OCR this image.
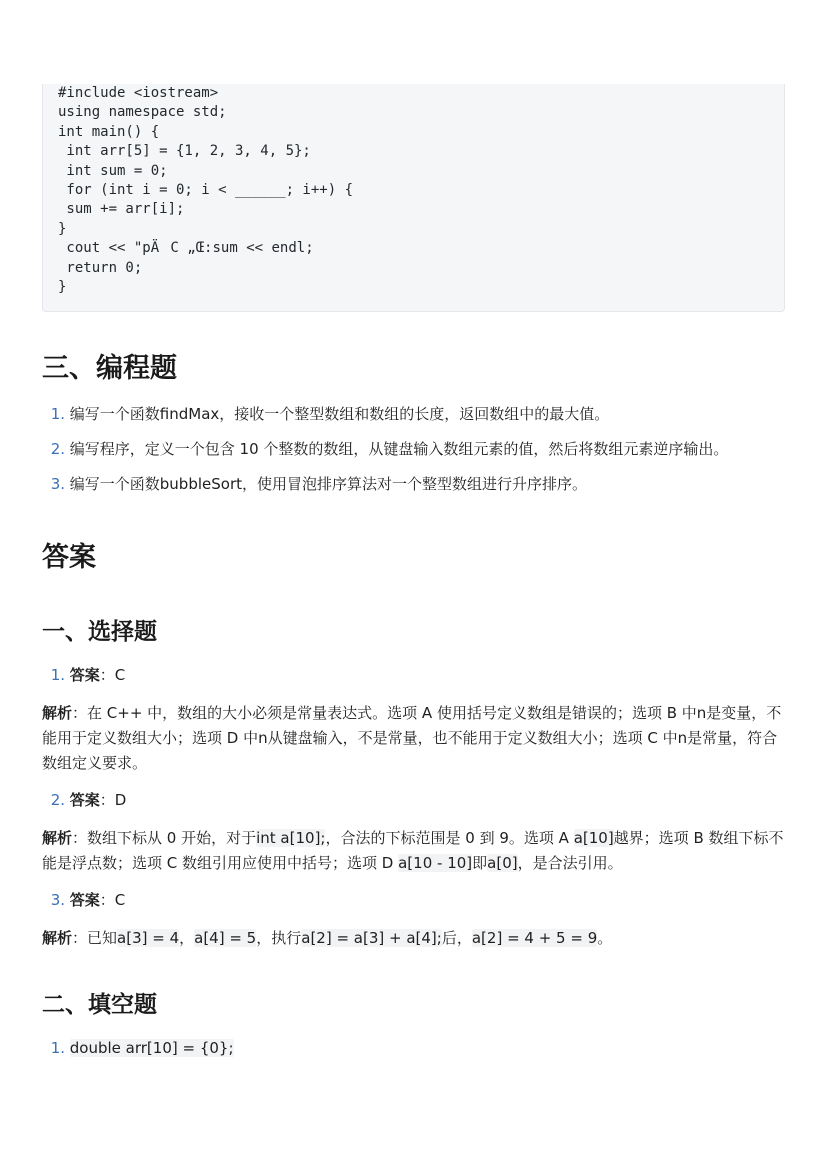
#include <iostream>
using namespace std;
int main() {
int arr[5] = {1, 2, 3, 4, 5};
int sum = 0;
for (int i = 0; i < ______; i++) {
sum += arr[i];
}
cout << "pÄC „Œ:sum << endl;
return 0;
}
三、编程题
1. 编写一个函数findMax，接收一个整型数组和数组的长度，返回数组中的最大值。
2. 编写程序，定义一个包含 10 个整数的数组，从键盘输入数组元素的值，然后将数组元素逆序输出。
3. 编写一个函数bubbleSort，使用冒泡排序算法对一个整型数组进行升序排序。
答案
一、选择题
1. 答案：C
解析：在 C++ 中，数组的大小必须是常量表达式。选项 A 使用括号定义数组是错误的；选项 B 中n是变量，不能用于定义数组大小；选项 D 中n从键盘输入，不是常量，也不能用于定义数组大小；选项 C 中n是常量，符合数组定义要求。
2. 答案：D
解析：数组下标从 0 开始，对于int a[10];，合法的下标范围是 0 到 9。选项 A a[10]越界；选项 B 数组下标不能是浮点数；选项 C 数组引用应使用中括号；选项 D a[10 - 10]即a[0]，是合法引用。
3. 答案：C
解析：已知a[3] = 4，a[4] = 5，执行a[2] = a[3] + a[4];后，a[2] = 4 + 5 = 9。
二、填空题
1. double arr[10] = {0};
